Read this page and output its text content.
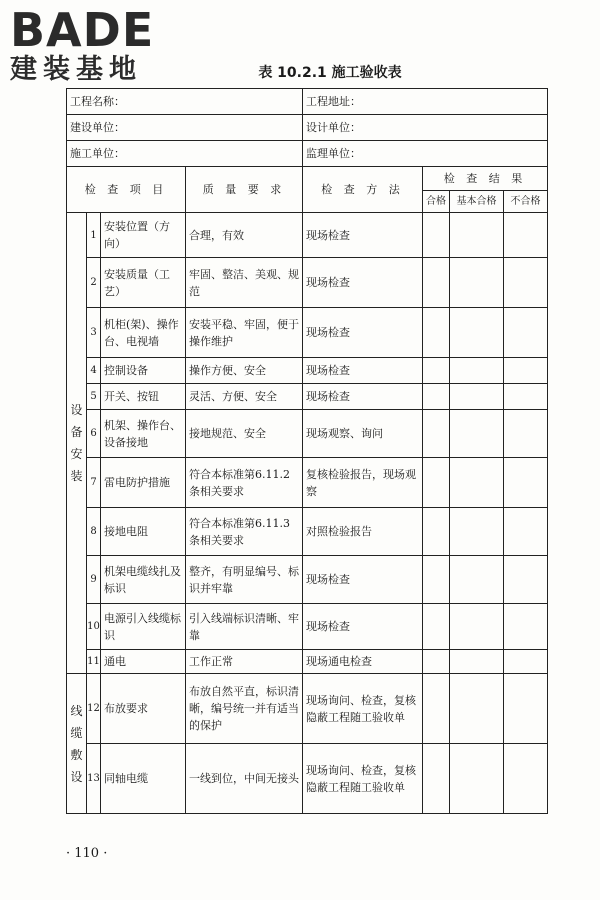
BADE
建装基地	表 10.2.1 施工验收表
工程名称：				工程地址：			
建设单位：				设计单位：			
施工单位：				监理单位：			
检 查 项 目			质 量 要 求	检 查 方 法	检 查 结 果		
					合格	基本合格	不合格
设备安装	1	安装位置（方向）	合理，有效	现场检查			
	2	安装质量（工艺）	牢固、整洁、美观、规范	现场检查			
	3	机柜(架)、操作台、电视墙	安装平稳、牢固，便于操作维护	现场检查			
	4	控制设备	操作方便、安全	现场检查			
	5	开关、按钮	灵活、方便、安全	现场检查			
	6	机架、操作台、设备接地	接地规范、安全	现场观察、询问			
	7	雷电防护措施	符合本标准第6.11.2条相关要求	复核检验报告，现场观察			
	8	接地电阻	符合本标准第6.11.3条相关要求	对照检验报告			
	9	机架电缆线扎及标识	整齐，有明显编号、标识并牢靠	现场检查			
	10	电源引入线缆标识	引入线端标识清晰、牢靠	现场检查			
	11	通电	工作正常	现场通电检查			
线缆敷设	12	布放要求	布放自然平直，标识清晰，编号统一并有适当的保护	现场询问、检查，复核隐蔽工程随工验收单			
	13	同轴电缆	一线到位，中间无接头	现场询问、检查，复核隐蔽工程随工验收单			
· 110 ·
